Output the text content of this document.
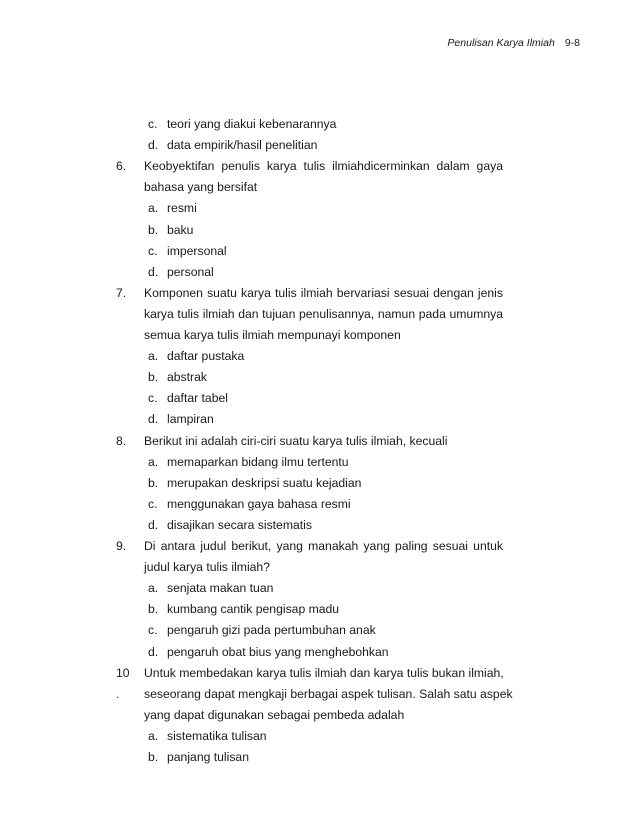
Penulisan Karya Ilmiah 9-8
c. teori yang diakui kebenarannya
d. data empirik/hasil penelitian
6. Keobyektifan penulis karya tulis ilmiahdicerminkan dalam gaya
bahasa yang bersifat
a. resmi
b. baku
c. impersonal
d. personal
7. Komponen suatu karya tulis ilmiah bervariasi sesuai dengan jenis
karya tulis ilmiah dan tujuan penulisannya, namun pada umumnya
semua karya tulis ilmiah mempunayi komponen
a. daftar pustaka
b. abstrak
c. daftar tabel
d. lampiran
8. Berikut ini adalah ciri-ciri suatu karya tulis ilmiah, kecuali
a. memaparkan bidang ilmu tertentu
b. merupakan deskripsi suatu kejadian
c. menggunakan gaya bahasa resmi
d. disajikan secara sistematis
9. Di antara judul berikut, yang manakah yang paling sesuai untuk
judul karya tulis ilmiah?
a. senjata makan tuan
b. kumbang cantik pengisap madu
c. pengaruh gizi pada pertumbuhan anak
d. pengaruh obat bius yang menghebohkan
10 Untuk membedakan karya tulis ilmiah dan karya tulis bukan ilmiah,
. seseorang dapat mengkaji berbagai aspek tulisan. Salah satu aspek
yang dapat digunakan sebagai pembeda adalah
a. sistematika tulisan
b. panjang tulisan
